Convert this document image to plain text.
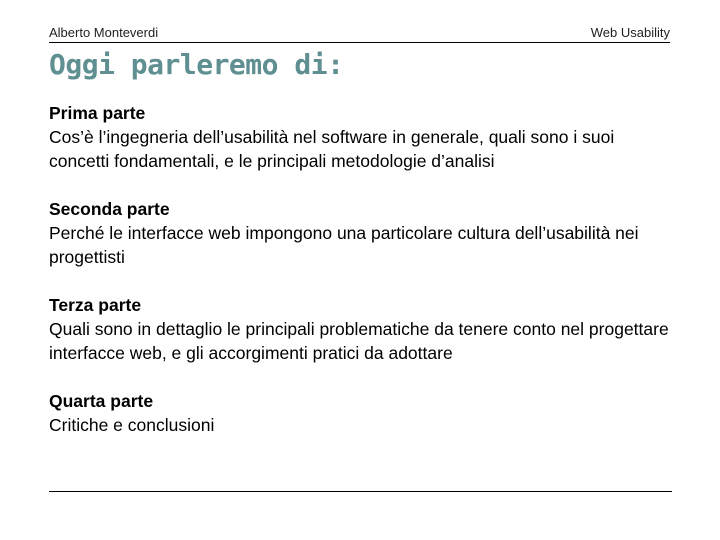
Alberto Monteverdi	Web Usability
Oggi parleremo di:
Prima parte
Cos’è l’ingegneria dell’usabilità nel software in generale, quali sono i suoi concetti fondamentali, e le principali metodologie d’analisi
Seconda parte
Perché le interfacce web impongono una particolare cultura dell’usabilità nei progettisti
Terza parte
Quali sono in dettaglio le principali problematiche da tenere conto nel progettare interfacce web, e gli accorgimenti pratici da adottare
Quarta parte
Critiche e conclusioni
